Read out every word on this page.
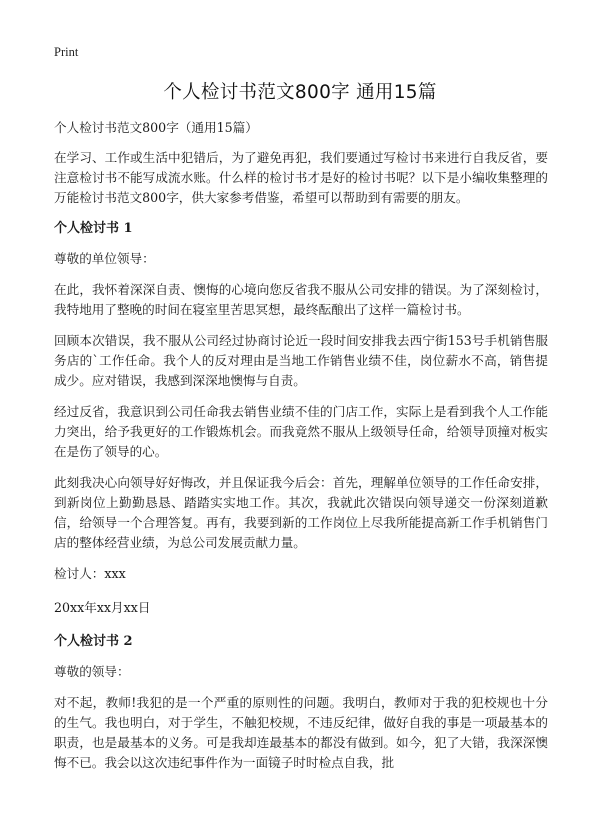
Print
个人检讨书范文800字 通用15篇
个人检讨书范文800字（通用15篇）

在学习、工作或生活中犯错后，为了避免再犯，我们要通过写检讨书来进行自我反省，要注意检讨书不能写成流水账。什么样的检讨书才是好的检讨书呢？以下是小编收集整理的万能检讨书范文800字，供大家参考借鉴，希望可以帮助到有需要的朋友。

个人检讨书 1
尊敬的单位领导：

在此，我怀着深深自责、懊悔的心境向您反省我不服从公司安排的错误。为了深刻检讨，我特地用了整晚的时间在寝室里苦思冥想，最终酝酿出了这样一篇检讨书。

回顾本次错误，我不服从公司经过协商讨论近一段时间安排我去西宁街153号手机销售服务店的`工作任命。我个人的反对理由是当地工作销售业绩不佳，岗位薪水不高，销售提成少。应对错误，我感到深深地懊悔与自责。

经过反省，我意识到公司任命我去销售业绩不佳的门店工作，实际上是看到我个人工作能力突出，给予我更好的工作锻炼机会。而我竟然不服从上级领导任命，给领导顶撞对板实在是伤了领导的心。

此刻我决心向领导好好悔改，并且保证我今后会：首先，理解单位领导的工作任命安排，到新岗位上勤勤恳恳、踏踏实实地工作。其次，我就此次错误向领导递交一份深刻道歉信，给领导一个合理答复。再有，我要到新的工作岗位上尽我所能提高新工作手机销售门店的整体经营业绩，为总公司发展贡献力量。

检讨人：xxx
20xx年xx月xx日
个人检讨书 2
尊敬的领导：

对不起，教师!我犯的是一个严重的原则性的问题。我明白，教师对于我的犯校规也十分的生气。我也明白，对于学生，不触犯校规，不违反纪律，做好自我的事是一项最基本的职责，也是最基本的义务。可是我却连最基本的都没有做到。如今，犯了大错，我深深懊悔不已。我会以这次违纪事件作为一面镜子时时检点自我，批
